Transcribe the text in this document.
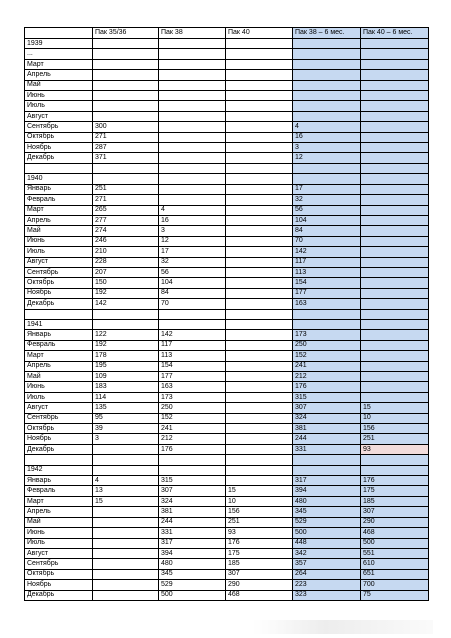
	Пак 35/36	Пак 38	Пак 40	Пак 38 – 6 мес.	Пак 40 – 6 мес.
1939					
...					
Март					
Апрель					
Май					
Июнь					
Июль					
Август					
Сентябрь	300			4	
Октябрь	271			16	
Ноябрь	287			3	
Декабрь	371			12	

1940					
Январь	251			17	
Февраль	271			32	
Март	265	4		56	
Апрель	277	16		104	
Май	274	3		84	
Июнь	246	12		70	
Июль	210	17		142	
Август	228	32		117	
Сентябрь	207	56		113	
Октябрь	150	104		154	
Ноябрь	192	84		177	
Декабрь	142	70		163	

1941					
Январь	122	142		173	
Февраль	192	117		250	
Март	178	113		152	
Апрель	195	154		241	
Май	109	177		212	
Июнь	183	163		176	
Июль	114	173		315	
Август	135	250		307	15
Сентябрь	95	152		324	10
Октябрь	39	241		381	156
Ноябрь	3	212		244	251
Декабрь		176		331	93

1942					
Январь	4	315		317	176
Февраль	13	307	15	394	175
Март	15	324	10	480	185
Апрель		381	156	345	307
Май		244	251	529	290
Июнь		331	93	500	468
Июль		317	176	448	500
Август		394	175	342	551
Сентябрь		480	185	357	610
Октябрь		345	307	264	651
Ноябрь		529	290	223	700
Декабрь		500	468	323	75
